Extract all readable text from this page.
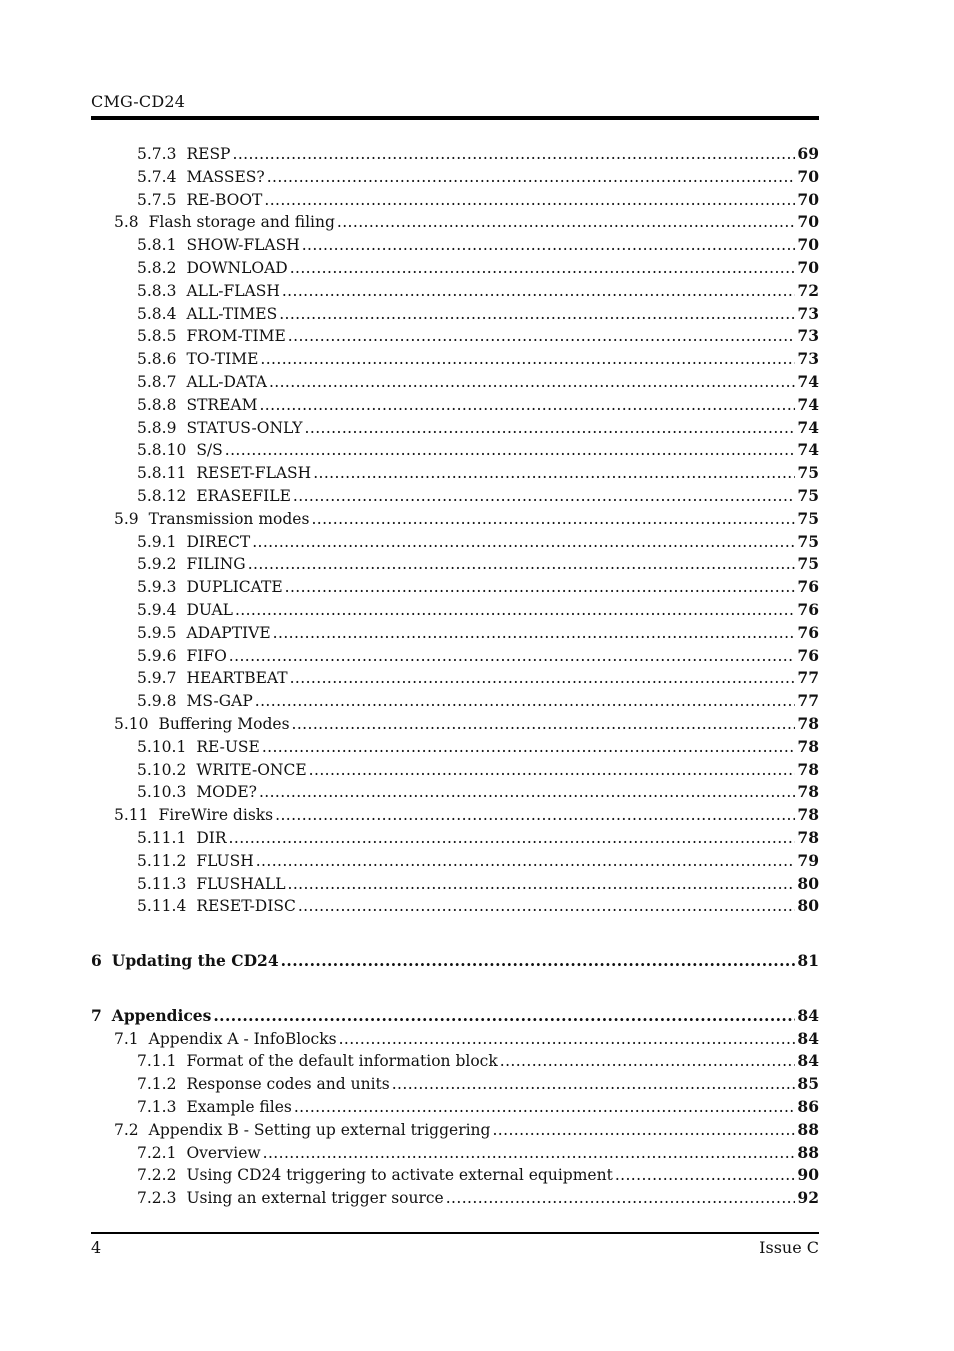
CMG-CD24
5.7.3 RESP .....	69
5.7.4 MASSES? .....	70
5.7.5 RE-BOOT .....	70
5.8 Flash storage and filing .....	70
5.8.1 SHOW-FLASH .....	70
5.8.2 DOWNLOAD .....	70
5.8.3 ALL-FLASH .....	72
5.8.4 ALL-TIMES .....	73
5.8.5 FROM-TIME .....	73
5.8.6 TO-TIME .....	73
5.8.7 ALL-DATA .....	74
5.8.8 STREAM .....	74
5.8.9 STATUS-ONLY .....	74
5.8.10 S/S .....	74
5.8.11 RESET-FLASH .....	75
5.8.12 ERASEFILE .....	75
5.9 Transmission modes .....	75
5.9.1 DIRECT .....	75
5.9.2 FILING .....	75
5.9.3 DUPLICATE .....	76
5.9.4 DUAL .....	76
5.9.5 ADAPTIVE .....	76
5.9.6 FIFO .....	76
5.9.7 HEARTBEAT .....	77
5.9.8 MS-GAP .....	77
5.10 Buffering Modes .....	78
5.10.1 RE-USE .....	78
5.10.2 WRITE-ONCE .....	78
5.10.3 MODE? .....	78
5.11 FireWire disks .....	78
5.11.1 DIR .....	78
5.11.2 FLUSH .....	79
5.11.3 FLUSHALL .....	80
5.11.4 RESET-DISC .....	80
6 Updating the CD24 .....	81
7 Appendices .....	84
7.1 Appendix A - InfoBlocks .....	84
7.1.1 Format of the default information block .....	84
7.1.2 Response codes and units .....	85
7.1.3 Example files .....	86
7.2 Appendix B - Setting up external triggering .....	88
7.2.1 Overview .....	88
7.2.2 Using CD24 triggering to activate external equipment .....	90
7.2.3 Using an external trigger source .....	92
4	Issue C
